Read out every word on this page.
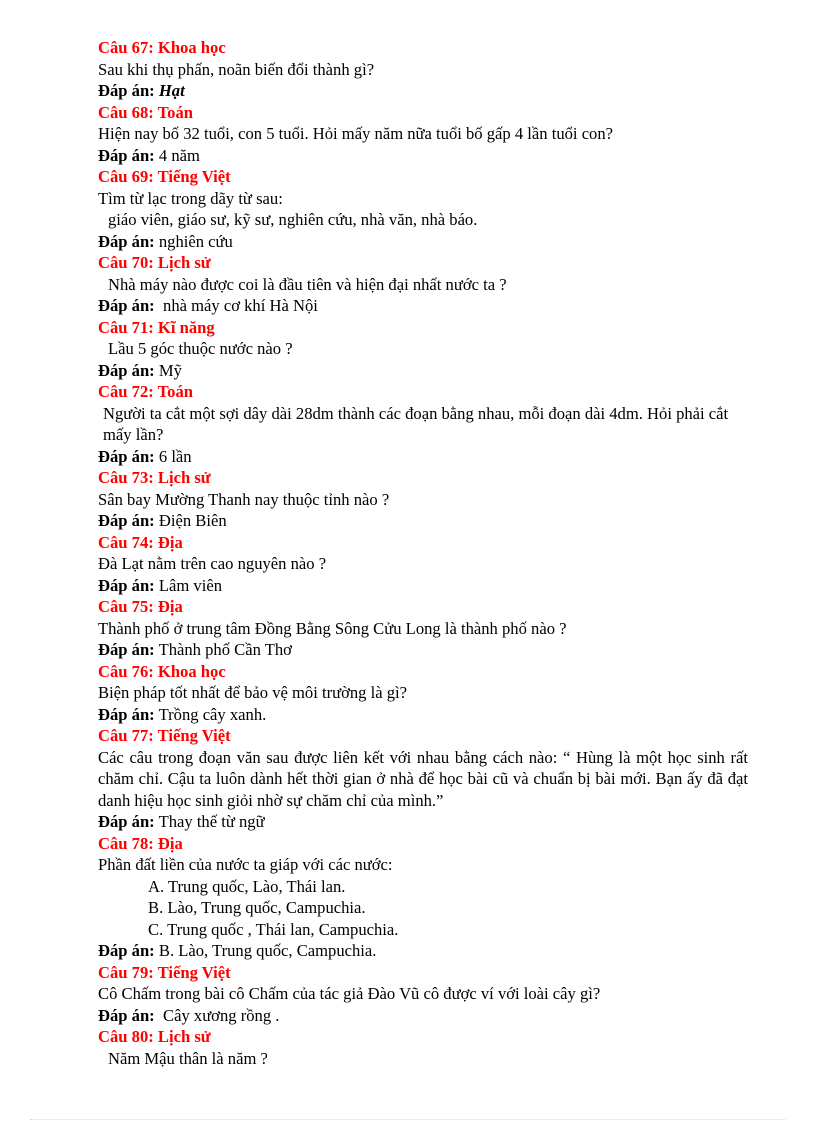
Câu 67: Khoa học
Sau khi thụ phấn, noãn biến đổi thành gì?
Đáp án: Hạt
Câu 68: Toán
Hiện nay bố 32 tuổi, con 5 tuổi. Hỏi mấy năm nữa tuổi bố gấp 4 lần tuổi con?
Đáp án: 4 năm
Câu 69: Tiếng Việt
Tìm từ lạc trong dãy từ sau:
giáo viên, giáo sư, kỹ sư, nghiên cứu, nhà văn, nhà báo.
Đáp án: nghiên cứu
Câu 70: Lịch sử
Nhà máy nào được coi là đầu tiên và hiện đại nhất nước ta ?
Đáp án: nhà máy cơ khí Hà Nội
Câu 71: Kĩ năng
Lầu 5 góc thuộc nước nào ?
Đáp án: Mỹ
Câu 72: Toán
Người ta cắt một sợi dây dài 28dm thành các đoạn bằng nhau, mỗi đoạn dài 4dm. Hỏi phải cắt mấy lần?
Đáp án: 6 lần
Câu 73: Lịch sử
Sân bay Mường Thanh nay thuộc tỉnh nào ?
Đáp án: Điện Biên
Câu 74: Địa
Đà Lạt nằm trên cao nguyên nào ?
Đáp án: Lâm viên
Câu 75: Địa
Thành phố ở trung tâm Đồng Bằng Sông Cửu Long là thành phố nào ?
Đáp án: Thành phố Cần Thơ
Câu 76: Khoa học
Biện pháp tốt nhất để bảo vệ môi trường là gì?
Đáp án: Trồng cây xanh.
Câu 77: Tiếng Việt
Các câu trong đoạn văn sau được liên kết với nhau bằng cách nào: “ Hùng là một học sinh rất chăm chỉ. Cậu ta luôn dành hết thời gian ở nhà để học bài cũ và chuẩn bị bài mới. Bạn ấy đã đạt danh hiệu học sinh giỏi nhờ sự chăm chỉ của mình.”
Đáp án: Thay thế từ ngữ
Câu 78: Địa
Phần đất liền của nước ta giáp với các nước:
A. Trung quốc, Lào, Thái lan.
B. Lào, Trung quốc, Campuchia.
C. Trung quốc , Thái lan, Campuchia.
Đáp án: B. Lào, Trung quốc, Campuchia.
Câu 79: Tiếng Việt
Cô Chấm trong bài cô Chấm của tác giả Đào Vũ cô được ví với loài cây gì?
Đáp án: Cây xương rồng .
Câu 80: Lịch sử
Năm Mậu thân là năm ?
